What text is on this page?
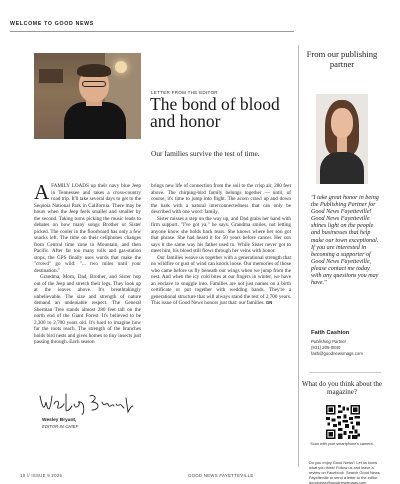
WELCOME TO GOOD NEWS
LETTER FROM THE EDITOR
The bond of blood and honor
Our families survive the test of time.

AFAMILY LOADS up their navy blue Jeep in Tennessee and takes a cross-country road trip. It'll take several days to get to the Sequoia National Park in California. There may be hours when the Jeep feels smaller and smaller by the second. Taking turns picking the music leads to debates on how many songs Brother or Sister picked. The cooler in the floorboard has only a few snacks left. The time on their cellphones changes from Central time zone to Mountain, and then Pacific. After far too many tolls and gas-station stops, the GPS finally uses words that make the "crowd" go wild: "... two miles until your destination."

Grandma, Mom, Dad, Brother, and Sister hop out of the Jeep and stretch their legs. They look up at the leaves above. It's breathtakingly unbelievable. The size and strength of nature demand an undeniable respect. The General Sherman Tree stands almost 280 feet tall on the north end of the Giant Forest. It's believed to be 2,300 to 2,700 years old. It's hard to imagine how far the roots reach. The strength of the branches holds bird nests and gives homes to tiny insects just passing through. Each season

brings new life of connection from the soil to the crisp air, 280 feet above. The chirping-bird family belongs together — until, of course, it's time to jump into flight. The acorn crawl up and down the bark with a natural interconnectedness that can only be described with one word: family.

Sister misses a step on the way up, and Dad grabs her hand with firm support. "I've got ya," he says. Grandma smiles, not letting anyone know she holds back tears. She knows where her son got that phrase. She had heard it for 50 years before cancer. Her son says it the same way his father used to. While Sister never got to meet him, his blood still flows through her veins with honor.

Our families weave us together with a generational strength that no wildfire or gust of wind can knock loose. Our memories of those who came before us fly beneath our wings when we jump from the nest. And when the icy cold bites at our fingers in winter, we have an enclave to snuggle into. Families are not just names on a birth certificate or put together with wedding bands. They're a generational structure that will always stand the test of 2,700 years. This issue of Good News honors just that: our families. GN

Wesley Bryant,
EDITOR-IN-CHIEF
From our publishing partner
"I take great honor in being the Publishing Partner for Good News Fayetteville! Good News Fayetteville shines light on the people and businesses that help make our town exceptional. If you are interested in becoming a supporter of Good News Fayetteville, please contact me today with any questions you may have."
Faith Cashion
Publishing Partner
(931) 205-0840
faith@goodnewsmags.com
What do you think about the magazine?
Scan with your smartphone's camera.
Do you enjoy Good News? Let us know what you think! Follow us and leave a review on Facebook. Search Good News Fayetteville or send a letter to the editor: goodnews@goodnewsmags.com
10 // ISSUE 9 2025	GOOD NEWS FAYETTEVILLE
